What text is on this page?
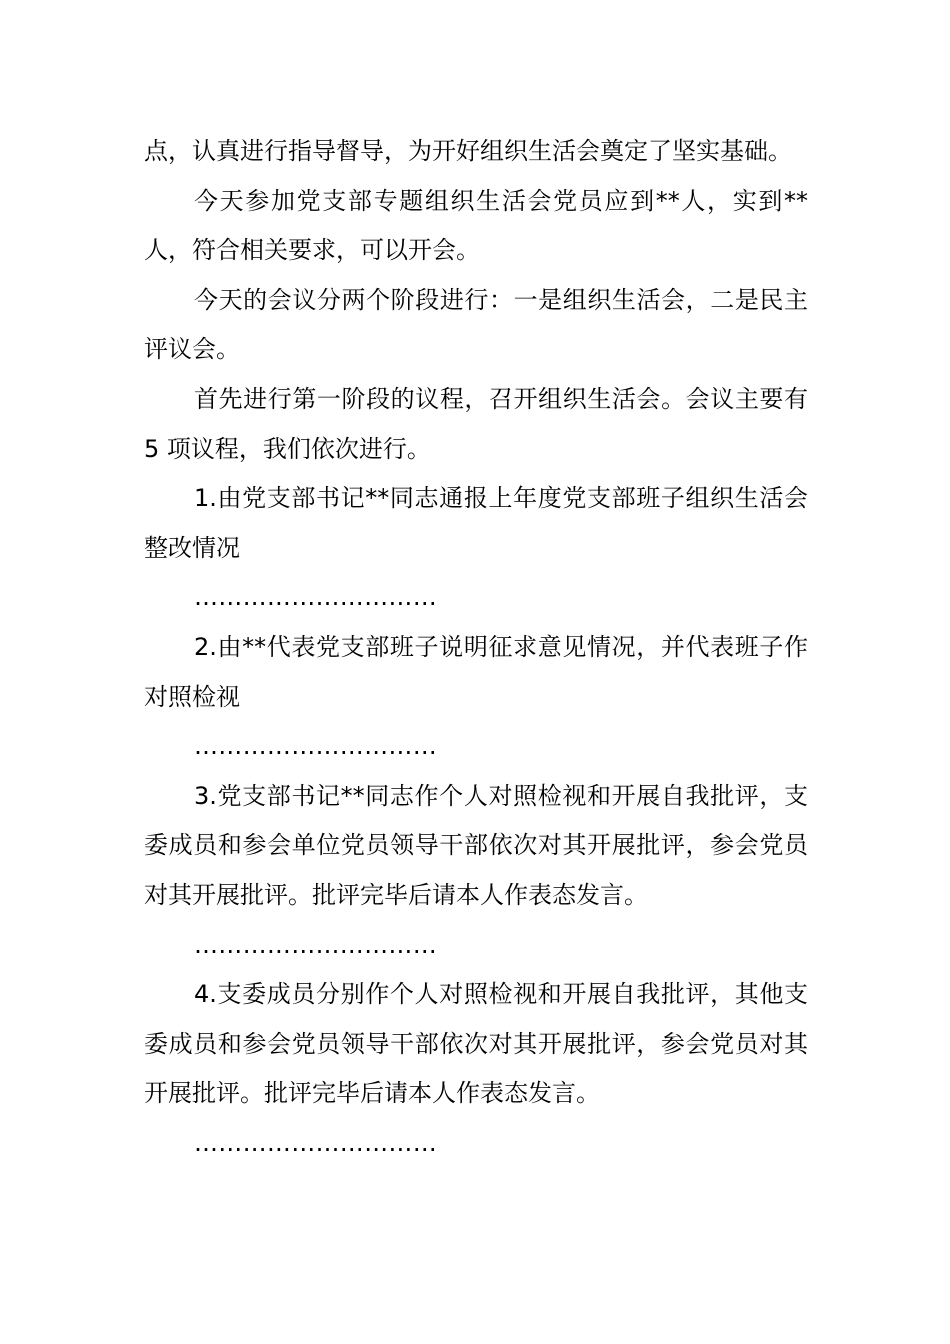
点，认真进行指导督导，为开好组织生活会奠定了坚实基础。

今天参加党支部专题组织生活会党员应到**人，实到**人，符合相关要求，可以开会。

今天的会议分两个阶段进行：一是组织生活会，二是民主评议会。

首先进行第一阶段的议程，召开组织生活会。会议主要有 5 项议程，我们依次进行。

1.由党支部书记**同志通报上年度党支部班子组织生活会整改情况

…………………………

2.由**代表党支部班子说明征求意见情况，并代表班子作对照检视

…………………………

3.党支部书记**同志作个人对照检视和开展自我批评，支委成员和参会单位党员领导干部依次对其开展批评，参会党员对其开展批评。批评完毕后请本人作表态发言。

…………………………

4.支委成员分别作个人对照检视和开展自我批评，其他支委成员和参会党员领导干部依次对其开展批评，参会党员对其开展批评。批评完毕后请本人作表态发言。

…………………………
